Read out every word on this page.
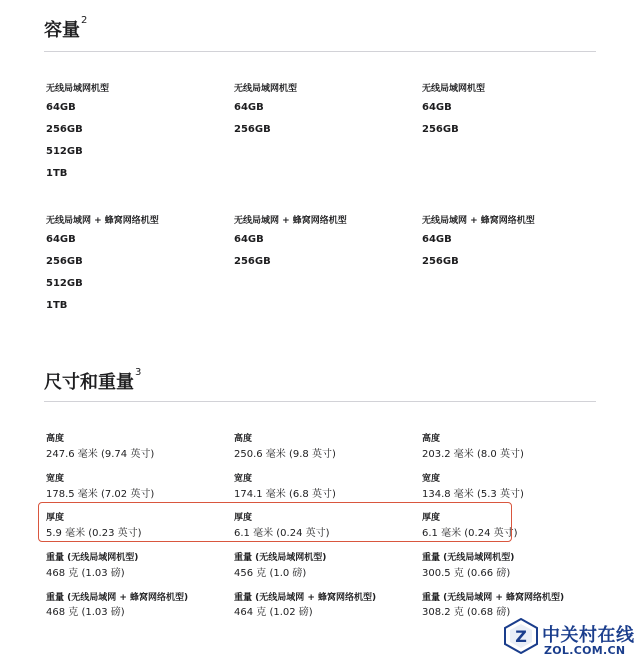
容量$^2$
无线局域网机型
64GB
256GB
512GB
1TB
无线局域网机型
64GB
256GB
无线局域网机型
64GB
256GB
无线局域网 + 蜂窝网络机型
64GB
256GB
512GB
1TB
无线局域网 + 蜂窝网络机型
64GB
256GB
无线局域网 + 蜂窝网络机型
64GB
256GB
尺寸和重量$^3$
高度
247.6 毫米 (9.74 英寸)
宽度
178.5 毫米 (7.02 英寸)
厚度
5.9 毫米 (0.23 英寸)
重量 (无线局域网机型)
468 克 (1.03 磅)
重量 (无线局域网 + 蜂窝网络机型)
468 克 (1.03 磅)
高度
250.6 毫米 (9.8 英寸)
宽度
174.1 毫米 (6.8 英寸)
厚度
6.1 毫米 (0.24 英寸)
重量 (无线局域网机型)
456 克 (1.0 磅)
重量 (无线局域网 + 蜂窝网络机型)
464 克 (1.02 磅)
高度
203.2 毫米 (8.0 英寸)
宽度
134.8 毫米 (5.3 英寸)
厚度
6.1 毫米 (0.24 英寸)
重量 (无线局域网机型)
300.5 克 (0.66 磅)
重量 (无线局域网 + 蜂窝网络机型)
308.2 克 (0.68 磅)
Z 中关村在线
ZOL.COM.CN
